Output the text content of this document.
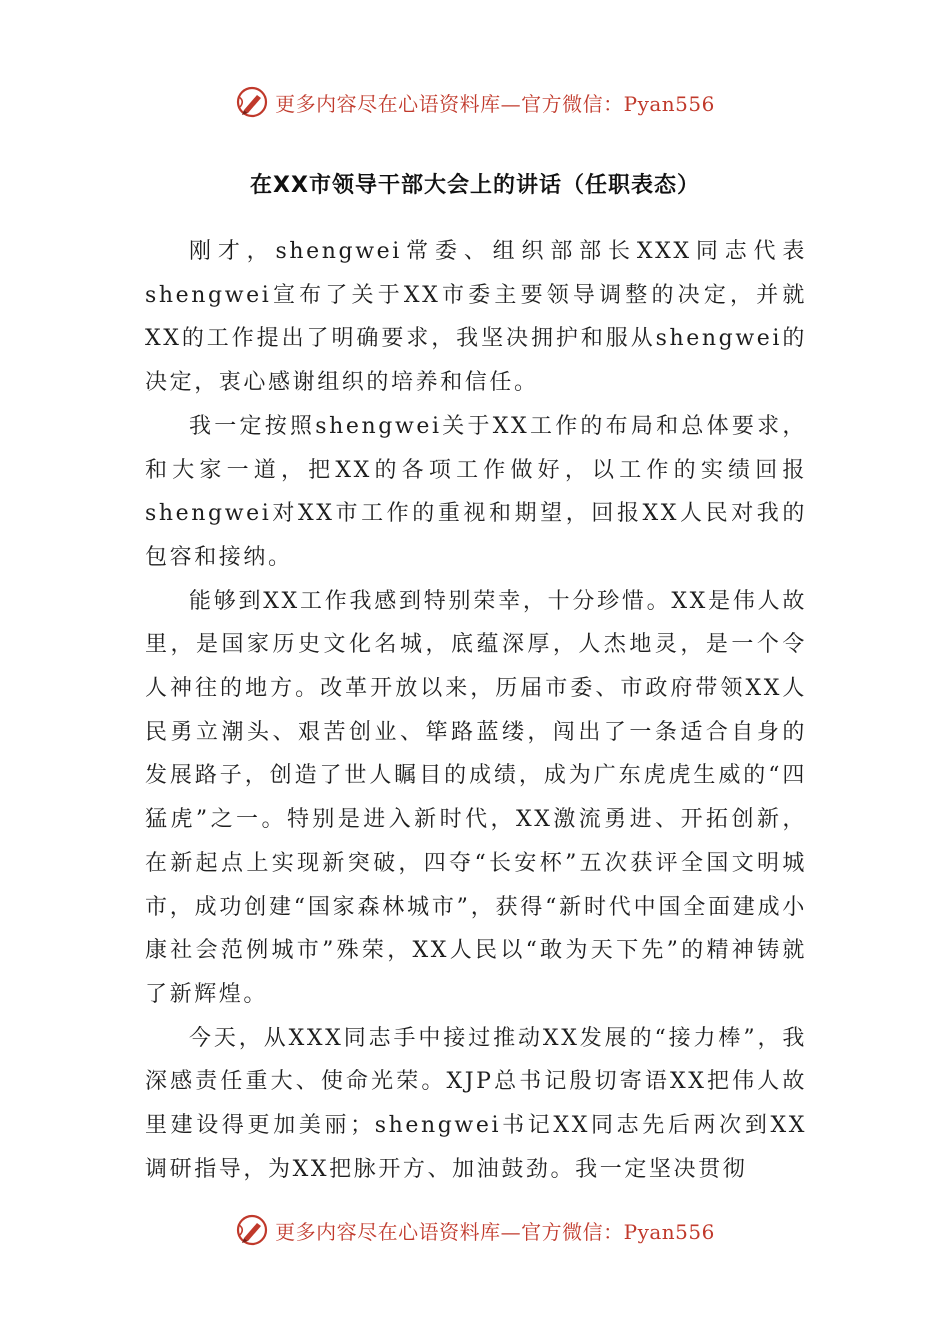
更多内容尽在心语资料库—官方微信：Pyan556
在XX市领导干部大会上的讲话（任职表态）

刚才，shengwei常委、组织部部长XXX同志代表shengwei宣布了关于XX市委主要领导调整的决定，并就XX的工作提出了明确要求，我坚决拥护和服从shengwei的决定，衷心感谢组织的培养和信任。

我一定按照shengwei关于XX工作的布局和总体要求，和大家一道，把XX的各项工作做好，以工作的实绩回报shengwei对XX市工作的重视和期望，回报XX人民对我的包容和接纳。

能够到XX工作我感到特别荣幸，十分珍惜。XX是伟人故里，是国家历史文化名城，底蕴深厚，人杰地灵，是一个令人神往的地方。改革开放以来，历届市委、市政府带领XX人民勇立潮头、艰苦创业、筚路蓝缕，闯出了一条适合自身的发展路子，创造了世人瞩目的成绩，成为广东虎虎生威的“四猛虎”之一。特别是进入新时代，XX激流勇进、开拓创新，在新起点上实现新突破，四夺“长安杯”五次获评全国文明城市，成功创建“国家森林城市”，获得“新时代中国全面建成小康社会范例城市”殊荣，XX人民以“敢为天下先”的精神铸就了新辉煌。

今天，从XXX同志手中接过推动XX发展的“接力棒”，我深感责任重大、使命光荣。XJP总书记殷切寄语XX把伟人故里建设得更加美丽；shengwei书记XX同志先后两次到XX调研指导，为XX把脉开方、加油鼓劲。我一定坚决贯彻

更多内容尽在心语资料库—官方微信：Pyan556
